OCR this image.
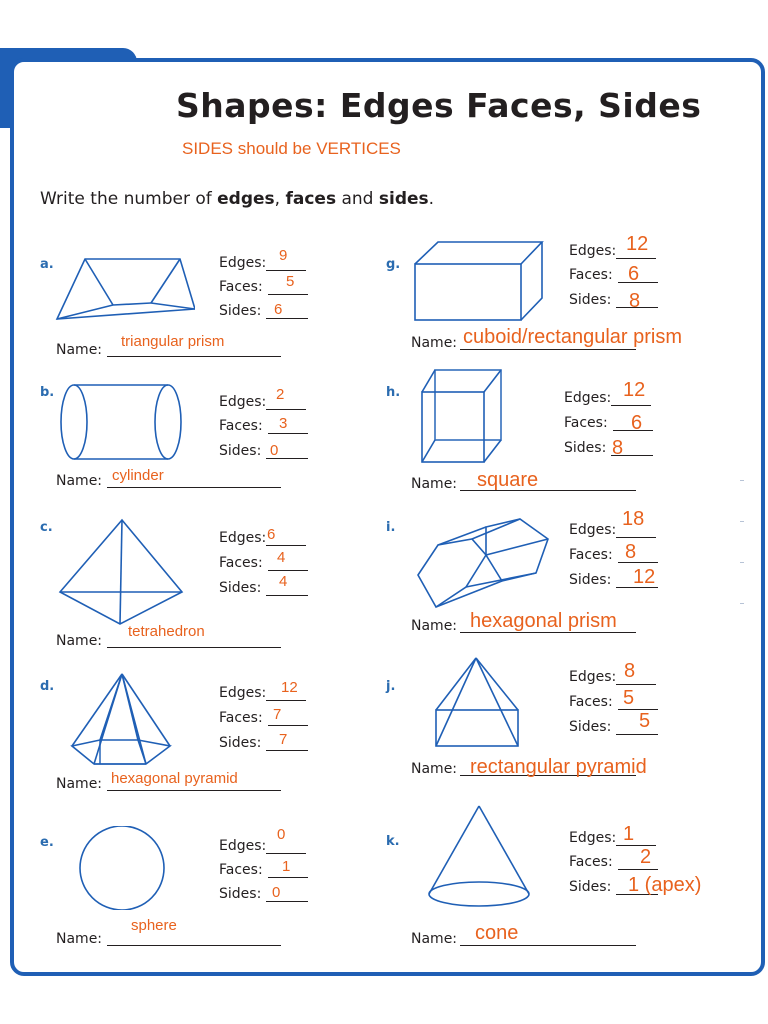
Shapes: Edges Faces, Sides
SIDES should be VERTICES
Write the number of edges, faces and sides.
a.	Edges: 9
Faces: 5
Sides: 6
Name: triangular prism
b.
Edges: 2
Faces: 3
Sides: 0
Name: cylinder
c.
Edges: 6
Faces: 4
Sides: 4
Name:
tetrahedron
d.	Edges: 12
Faces: 7
Sides: 7
Name: hexagonal pyramid
e.	Edges:
0
Faces: 1
Sides: 0
Name:
sphere
g.
Edges: 12
Faces: 6
Sides: 8
Name: cuboid/rectangular prism
h.	Edges: 12
Faces: 6
Sides: 8
Name: square
i.	Edges: 18
Faces: 8
Sides: 12
Name: hexagonal prism
j.
Edges: 8
Faces: 5
Sides: 5
Name: rectangular pyramid
k.	Edges: 1
Faces: 2
Sides: 1 (apex)
Name: cone
